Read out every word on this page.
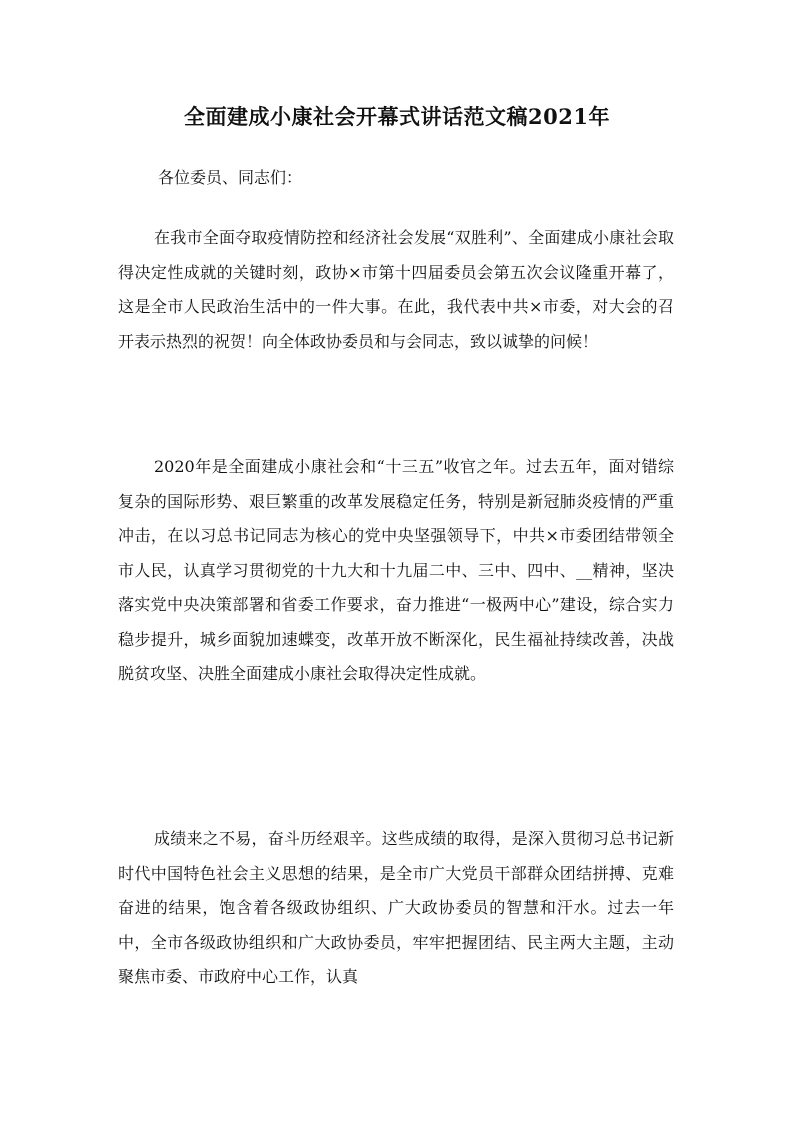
全面建成小康社会开幕式讲话范文稿2021年

各位委员、同志们：

在我市全面夺取疫情防控和经济社会发展“双胜利”、全面建成小康社会取得决定性成就的关键时刻，政协×市第十四届委员会第五次会议隆重开幕了，这是全市人民政治生活中的一件大事。在此，我代表中共×市委，对大会的召开表示热烈的祝贺！向全体政协委员和与会同志，致以诚挚的问候！

2020年是全面建成小康社会和“十三五”收官之年。过去五年，面对错综复杂的国际形势、艰巨繁重的改革发展稳定任务，特别是新冠肺炎疫情的严重冲击，在以习总书记同志为核心的党中央坚强领导下，中共×市委团结带领全市人民，认真学习贯彻党的十九大和十九届二中、三中、四中、__精神，坚决落实党中央决策部署和省委工作要求，奋力推进“一极两中心”建设，综合实力稳步提升，城乡面貌加速蝶变，改革开放不断深化，民生福祉持续改善，决战脱贫攻坚、决胜全面建成小康社会取得决定性成就。

成绩来之不易，奋斗历经艰辛。这些成绩的取得，是深入贯彻习总书记新时代中国特色社会主义思想的结果，是全市广大党员干部群众团结拼搏、克难奋进的结果，饱含着各级政协组织、广大政协委员的智慧和汗水。过去一年中，全市各级政协组织和广大政协委员，牢牢把握团结、民主两大主题，主动聚焦市委、市政府中心工作，认真
